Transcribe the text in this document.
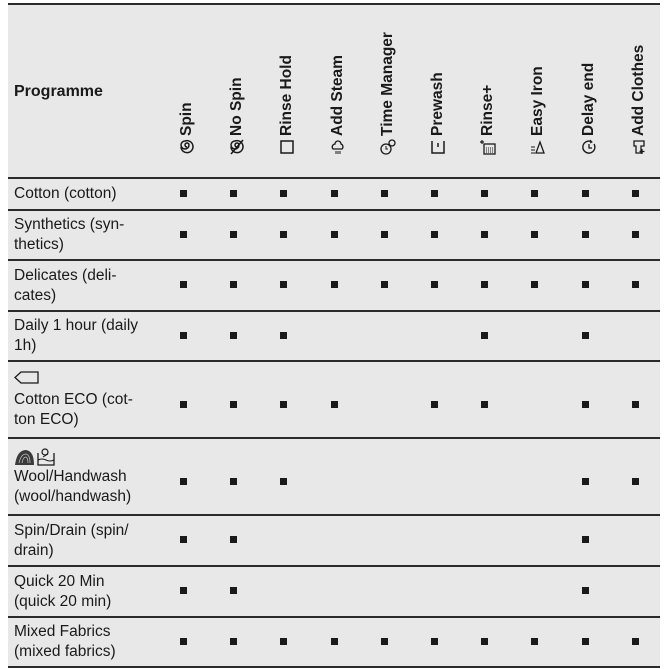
Programme
Spin No Spin Rinse Hold Add Steam Time Manager Prewash Rinse+ Easy Iron Delay end Add Clothes
Cotton (cotton)
Synthetics (syn-
thetics)
Delicates (deli-
cates)
Daily 1 hour (daily
1h)
Cotton ECO (cot-
ton ECO)
Wool/Handwash
(wool/handwash)
Spin/Drain (spin/
drain)
Quick 20 Min
(quick 20 min)
Mixed Fabrics
(mixed fabrics)
